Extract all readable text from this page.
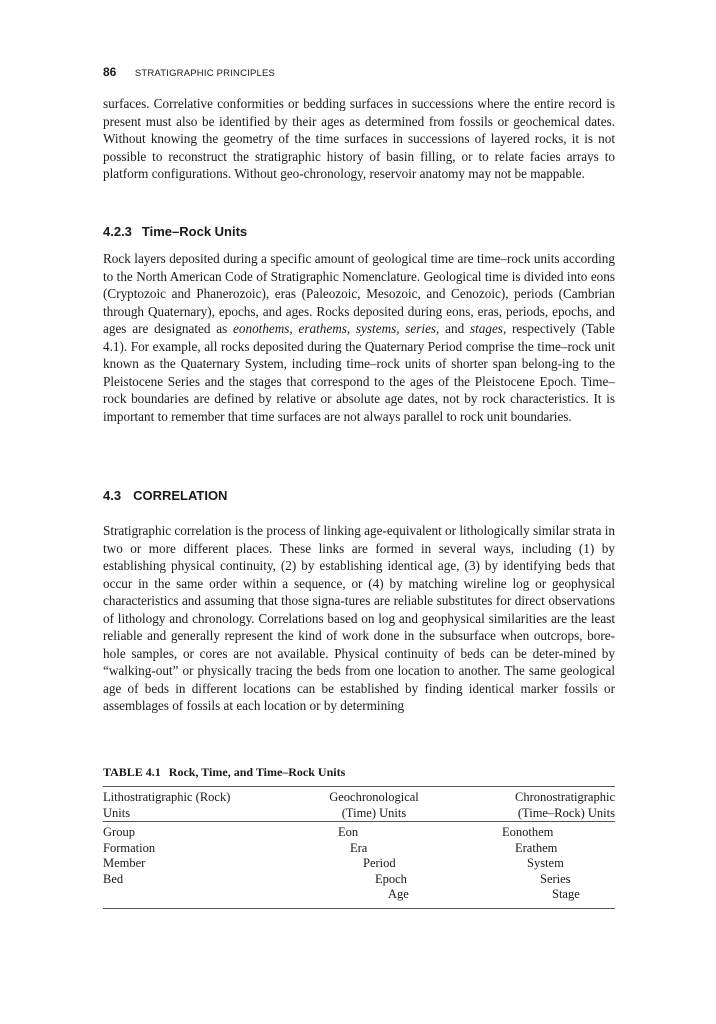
86 STRATIGRAPHIC PRINCIPLES

surfaces. Correlative conformities or bedding surfaces in successions where the entire record is present must also be identified by their ages as determined from fossils or geochemical dates. Without knowing the geometry of the time surfaces in successions of layered rocks, it is not possible to reconstruct the stratigraphic history of basin filling, or to relate facies arrays to platform configurations. Without geo-chronology, reservoir anatomy may not be mappable.

4.2.3 Time–Rock Units

Rock layers deposited during a specific amount of geological time are time–rock units according to the North American Code of Stratigraphic Nomenclature. Geological time is divided into eons (Cryptozoic and Phanerozoic), eras (Paleozoic, Mesozoic, and Cenozoic), periods (Cambrian through Quaternary), epochs, and ages. Rocks deposited during eons, eras, periods, epochs, and ages are designated as eonothems, erathems, systems, series, and stages, respectively (Table 4.1). For example, all rocks deposited during the Quaternary Period comprise the time–rock unit known as the Quaternary System, including time–rock units of shorter span belong-ing to the Pleistocene Series and the stages that correspond to the ages of the Pleistocene Epoch. Time–rock boundaries are defined by relative or absolute age dates, not by rock characteristics. It is important to remember that time surfaces are not always parallel to rock unit boundaries.

4.3 CORRELATION

Stratigraphic correlation is the process of linking age-equivalent or lithologically similar strata in two or more different places. These links are formed in several ways, including (1) by establishing physical continuity, (2) by establishing identical age, (3) by identifying beds that occur in the same order within a sequence, or (4) by matching wireline log or geophysical characteristics and assuming that those signa-tures are reliable substitutes for direct observations of lithology and chronology. Correlations based on log and geophysical similarities are the least reliable and generally represent the kind of work done in the subsurface when outcrops, bore-hole samples, or cores are not available. Physical continuity of beds can be deter-mined by “walking-out” or physically tracing the beds from one location to another. The same geological age of beds in different locations can be established by finding identical marker fossils or assemblages of fossils at each location or by determining

TABLE 4.1 Rock, Time, and Time–Rock Units
Lithostratigraphic (Rock)
Units
Geochronological
(Time) Units
Chronostratigraphic
(Time–Rock) Units
Group
Formation
Member
Bed
Eon
Era
Period
Epoch
Age
Eonothem
Erathem
System
Series
Stage
